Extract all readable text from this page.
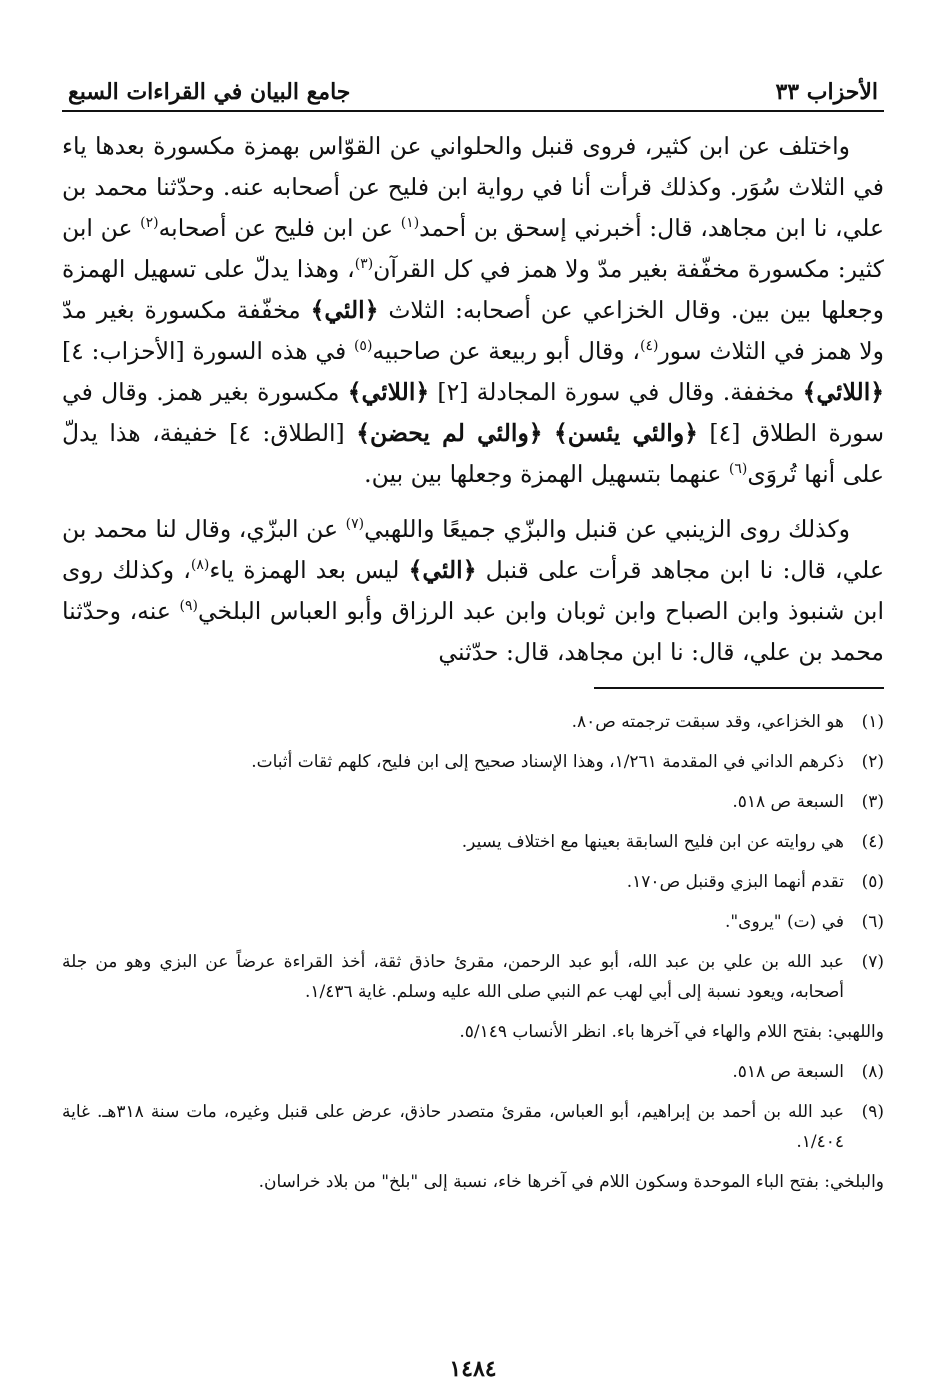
الأحزاب ٣٣
جامع البيان في القراءات السبع

واختلف عن ابن كثير، فروى قنبل والحلواني عن القوّاس بهمزة مكسورة بعدها ياء في الثلاث سُوَر. وكذلك قرأت أنا في رواية ابن فليح عن أصحابه عنه. وحدّثنا محمد بن علي، نا ابن مجاهد، قال: أخبرني إسحق بن أحمد$^{(١)}$ عن ابن فليح عن أصحابه$^{(٢)}$ عن ابن كثير: مكسورة مخفّفة بغير مدّ ولا همز في كل القرآن$^{(٣)}$، وهذا يدلّ على تسهيل الهمزة وجعلها بين بين. وقال الخزاعي عن أصحابه: الثلاث ﴿الئي﴾ مخفّفة مكسورة بغير مدّ ولا همز في الثلاث سور$^{(٤)}$، وقال أبو ربيعة عن صاحبيه$^{(٥)}$ في هذه السورة [الأحزاب: ٤] ﴿اللائي﴾ مخففة. وقال في سورة المجادلة [٢] ﴿اللائي﴾ مكسورة بغير همز. وقال في سورة الطلاق [٤] ﴿والئي يئسن﴾ ﴿والئي لم يحضن﴾ [الطلاق: ٤] خفيفة، هذا يدلّ على أنها تُروَى$^{(٦)}$ عنهما بتسهيل الهمزة وجعلها بين بين.

وكذلك روى الزينبي عن قنبل والبزّي جميعًا واللهبي$^{(٧)}$ عن البزّي، وقال لنا محمد بن علي، قال: نا ابن مجاهد قرأت على قنبل ﴿الئي﴾ ليس بعد الهمزة ياء$^{(٨)}$، وكذلك روى ابن شنبوذ وابن الصباح وابن ثوبان وابن عبد الرزاق وأبو العباس البلخي$^{(٩)}$ عنه، وحدّثنا محمد بن علي، قال: نا ابن مجاهد، قال: حدّثني

(١)
هو الخزاعي، وقد سبقت ترجمته ص٨٠.
(٢)
ذكرهم الداني في المقدمة ١/٢٦١، وهذا الإسناد صحيح إلى ابن فليح، كلهم ثقات أثبات.
(٣)
السبعة ص ٥١٨.
(٤)
هي روايته عن ابن فليح السابقة بعينها مع اختلاف يسير.
(٥)
تقدم أنهما البزي وقنبل ص١٧٠.
(٦)
في (ت) "يروى".
(٧)
عبد الله بن علي بن عبد الله، أبو عبد الرحمن، مقرئ حاذق ثقة، أخذ القراءة عرضاً عن البزي وهو من جلة أصحابه، ويعود نسبة إلى أبي لهب عم النبي صلى الله عليه وسلم. غاية ١/٤٣٦.
واللهبي: بفتح اللام والهاء في آخرها باء. انظر الأنساب ٥/١٤٩.
(٨)
السبعة ص ٥١٨.
(٩)
عبد الله بن أحمد بن إبراهيم، أبو العباس، مقرئ متصدر حاذق، عرض على قنبل وغيره، مات سنة ٣١٨هـ. غاية ١/٤٠٤.
والبلخي: بفتح الباء الموحدة وسكون اللام في آخرها خاء، نسبة إلى "بلخ" من بلاد خراسان.
١٤٨٤
